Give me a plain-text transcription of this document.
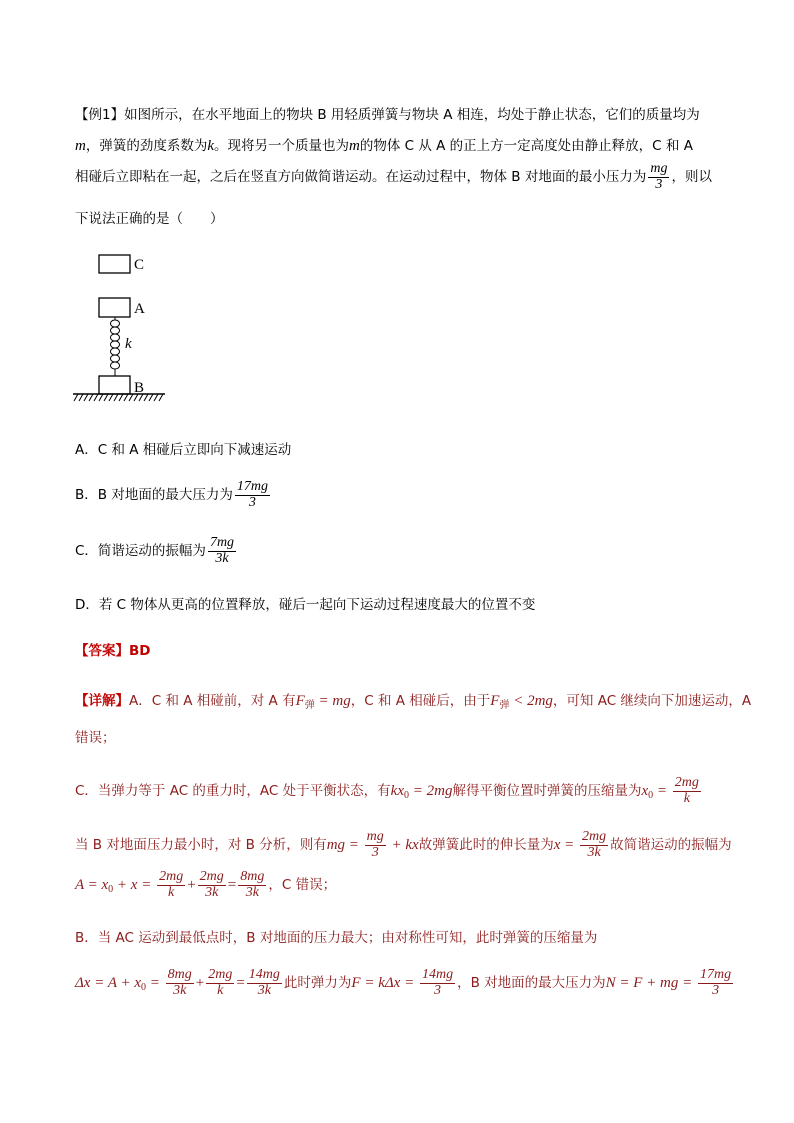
【例1】如图所示，在水平地面上的物块 B 用轻质弹簧与物块 A 相连，均处于静止状态，它们的质量均为
m，弹簧的劲度系数为k。现将另一个质量也为m的物体 C 从 A 的正上方一定高度处由静止释放，C 和 A
相碰后立即粘在一起，之后在竖直方向做简谐运动。在运动过程中，物体 B 对地面的最小压力为 $\frac{mg}{3}$ ，则以
下说法正确的是（　　）
C
A
k
B
A．C 和 A 相碰后立即向下减速运动
B．B 对地面的最大压力为 $\frac{17mg}{3}$
C．简谐运动的振幅为 $\frac{7mg}{3k}$
D．若 C 物体从更高的位置释放，碰后一起向下运动过程速度最大的位置不变
【答案】BD
【详解】A．C 和 A 相碰前，对 A 有$F_弹$ = mg，C 和 A 相碰后，由于$F_弹 < 2mg$，可知 AC 继续向下加速运动，A
错误；
C．当弹力等于 AC 的重力时，AC 处于平衡状态，有$kx_0 = 2mg$解得平衡位置时弹簧的压缩量为$x_0 = \frac{2mg}{k}$
当 B 对地面压力最小时，对 B 分析，则有mg = $\frac{mg}{3}$ + kx故弹簧此时的伸长量为$x = \frac{2mg}{3k}$ 故简谐运动的振幅为
$A = x_0 + x = \frac{2mg}{k} + \frac{2mg}{3k} = \frac{8mg}{3k}$ ，C 错误；
B．当 AC 运动到最低点时，B 对地面的压力最大；由对称性可知，此时弹簧的压缩量为
$\Delta x = A + x_0 = \frac{8mg}{3k} + \frac{2mg}{k} = \frac{14mg}{3k}$ 此时弹力为$F = k\Delta x = \frac{14mg}{3}$ ，B 对地面的最大压力为N = F + mg = $\frac{17mg}{3}$
